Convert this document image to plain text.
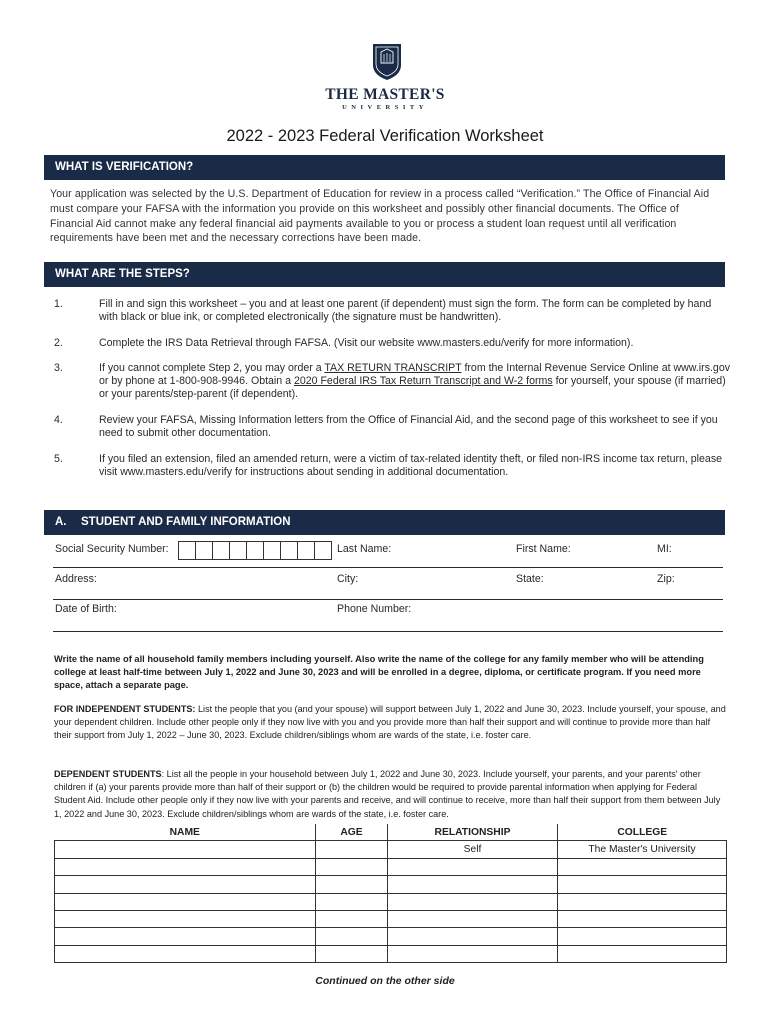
THE MASTER'S
UNIVERSITY
2022 - 2023 Federal Verification Worksheet
WHAT IS VERIFICATION?
Your application was selected by the U.S. Department of Education for review in a process called “Verification.” The Office of Financial Aid must compare your FAFSA with the information you provide on this worksheet and possibly other financial documents. The Office of Financial Aid cannot make any federal financial aid payments available to you or process a student loan request until all verification requirements have been met and the necessary corrections have been made.
WHAT ARE THE STEPS?
1.	Fill in and sign this worksheet – you and at least one parent (if dependent) must sign the form. The form can be completed by hand with black or blue ink, or completed electronically (the signature must be handwritten).
2.	Complete the IRS Data Retrieval through FAFSA. (Visit our website www.masters.edu/verify for more information).
3.	If you cannot complete Step 2, you may order a TAX RETURN TRANSCRIPT from the Internal Revenue Service Online at www.irs.gov or by phone at 1-800-908-9946. Obtain a 2020 Federal IRS Tax Return Transcript and W-2 forms for yourself, your spouse (if married) or your parents/step-parent (if dependent).
4.	Review your FAFSA, Missing Information letters from the Office of Financial Aid, and the second page of this worksheet to see if you need to submit other documentation.
5.	If you filed an extension, filed an amended return, were a victim of tax-related identity theft, or filed non-IRS income tax return, please visit www.masters.edu/verify for instructions about sending in additional documentation.
A. STUDENT AND FAMILY INFORMATION
Social Security Number:	Last Name:	First Name:	MI:
Address:	City:	State:	Zip:
Date of Birth:	Phone Number:
Write the name of all household family members including yourself. Also write the name of the college for any family member who will be attending college at least half-time between July 1, 2022 and June 30, 2023 and will be enrolled in a degree, diploma, or certificate program. If you need more space, attach a separate page.
FOR INDEPENDENT STUDENTS: List the people that you (and your spouse) will support between July 1, 2022 and June 30, 2023. Include yourself, your spouse, and your dependent children. Include other people only if they now live with you and you provide more than half their support and will continue to provide more than half their support from July 1, 2022 – June 30, 2023. Exclude children/siblings whom are wards of the state, i.e. foster care.
DEPENDENT STUDENTS: List all the people in your household between July 1, 2022 and June 30, 2023. Include yourself, your parents, and your parents' other children if (a) your parents provide more than half of their support or (b) the children would be required to provide parental information when applying for Federal Student Aid. Include other people only if they now live with your parents and receive, and will continue to receive, more than half their support from them between July 1, 2022 and June 30, 2023. Exclude children/siblings whom are wards of the state, i.e. foster care.
NAME	AGE	RELATIONSHIP	COLLEGE
		Self	The Master's University

Continued on the other side
